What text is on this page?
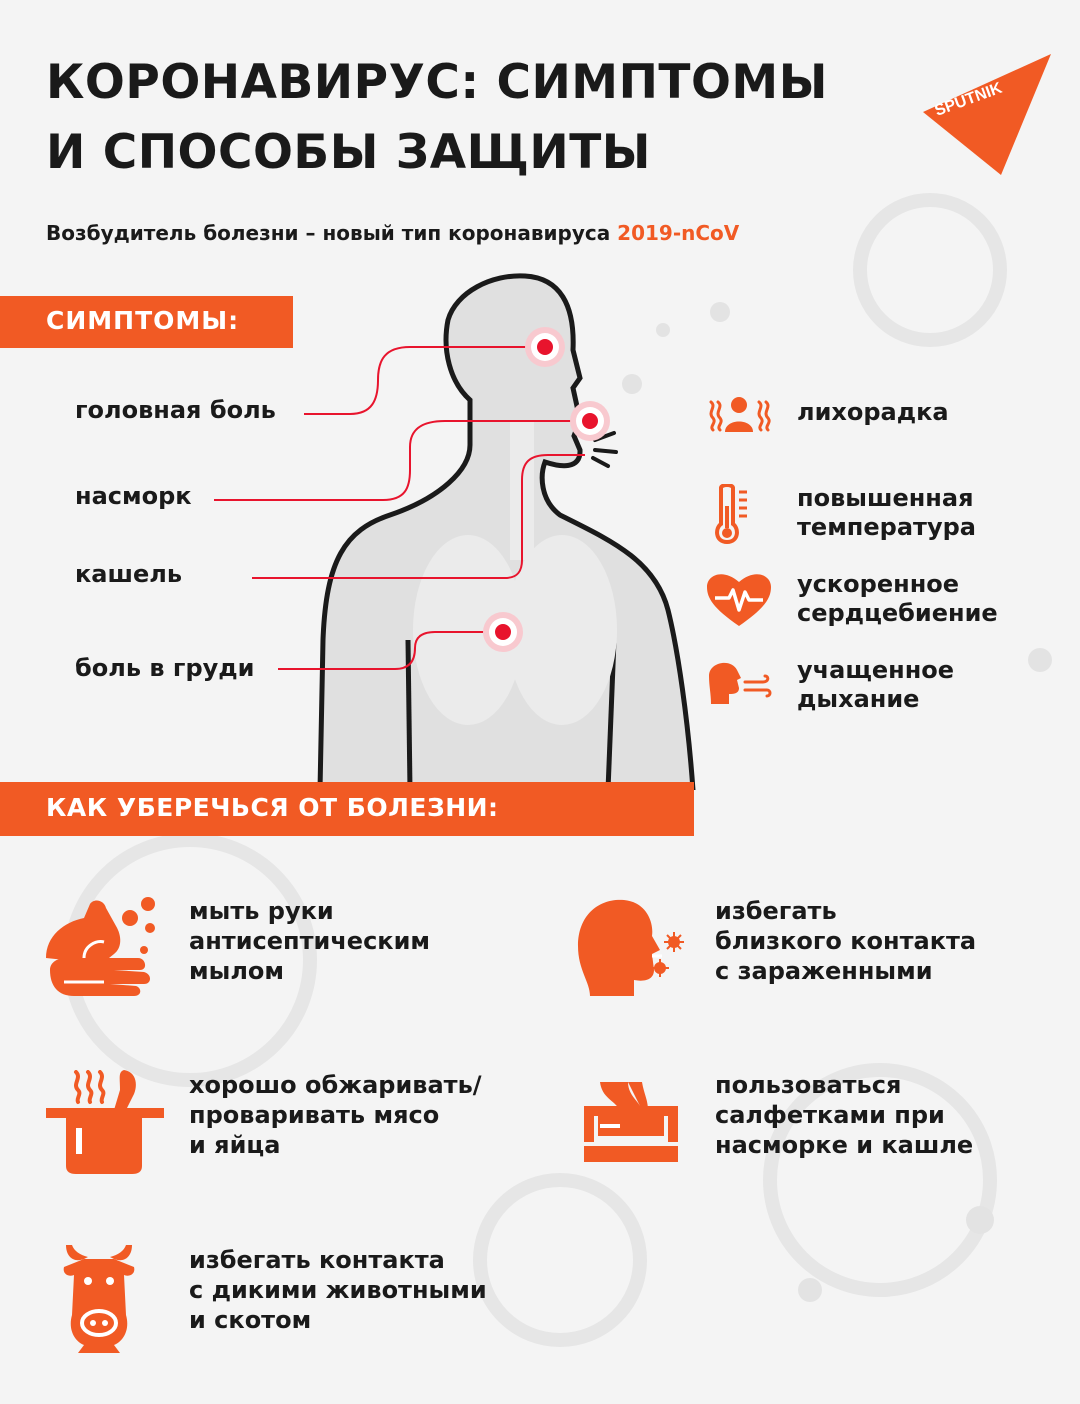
КОРОНАВИРУС: СИМПТОМЫ
И СПОСОБЫ ЗАЩИТЫ
SPUTNIK
Возбудитель болезни – новый тип коронавируса 2019-nCoV
СИМПТОМЫ:
головная боль
насморк
кашель
боль в груди
лихорадка
повышенная
температура
ускоренное
сердцебиение
учащенное
дыхание
КАК УБЕРЕЧЬСЯ ОТ БОЛЕЗНИ:
мыть руки
антисептическим
мылом
избегать
близкого контакта
с зараженными
хорошо обжаривать/
проваривать мясо
и яйца
пользоваться
салфетками при
насморке и кашле
избегать контакта
с дикими животными
и скотом
